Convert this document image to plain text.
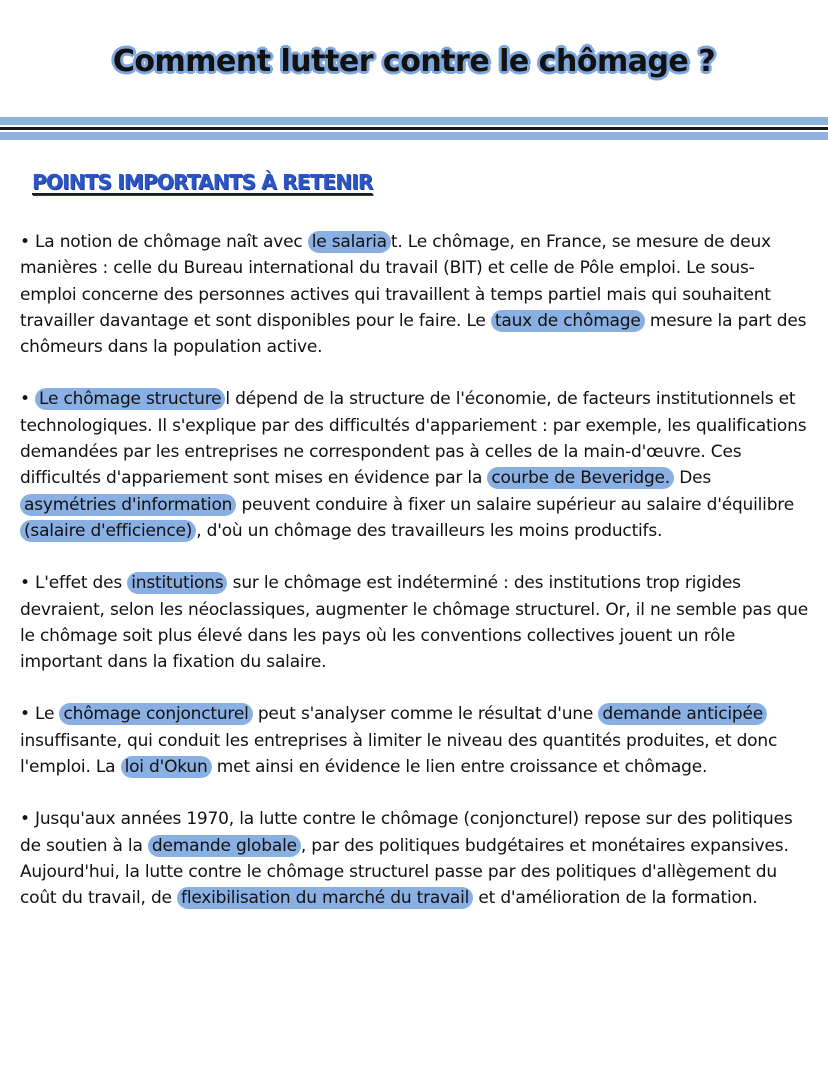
Comment lutter contre le chômage ?
POINTS IMPORTANTS À RETENIR

• La notion de chômage naît avec le salaria t. Le chômage, en France, se mesure de deux manières : celle du Bureau international du travail (BIT) et celle de Pôle emploi. Le sous-emploi concerne des personnes actives qui travaillent à temps partiel mais qui souhaitent travailler davantage et sont disponibles pour le faire. Le taux de chômage mesure la part des chômeurs dans la population active.

• Le chômage structure l dépend de la structure de l'économie, de facteurs institutionnels et technologiques. Il s'explique par des difficultés d'appariement : par exemple, les qualifications demandées par les entreprises ne correspondent pas à celles de la main-d'œuvre. Ces difficultés d'appariement sont mises en évidence par la courbe de Beveridge. Des asymétries d'information peuvent conduire à fixer un salaire supérieur au salaire d'équilibre (salaire d'efficience) , d'où un chômage des travailleurs les moins productifs.

• L'effet des institutions sur le chômage est indéterminé : des institutions trop rigides devraient, selon les néoclassiques, augmenter le chômage structurel. Or, il ne semble pas que le chômage soit plus élevé dans les pays où les conventions collectives jouent un rôle important dans la fixation du salaire.

• Le chômage conjoncturel peut s'analyser comme le résultat d'une demande anticipée insuffisante, qui conduit les entreprises à limiter le niveau des quantités produites, et donc l'emploi. La loi d'Okun met ainsi en évidence le lien entre croissance et chômage.

• Jusqu'aux années 1970, la lutte contre le chômage (conjoncturel) repose sur des politiques de soutien à la demande globale , par des politiques budgétaires et monétaires expansives. Aujourd'hui, la lutte contre le chômage structurel passe par des politiques d'allègement du coût du travail, de flexibilisation du marché du travail et d'amélioration de la formation.
